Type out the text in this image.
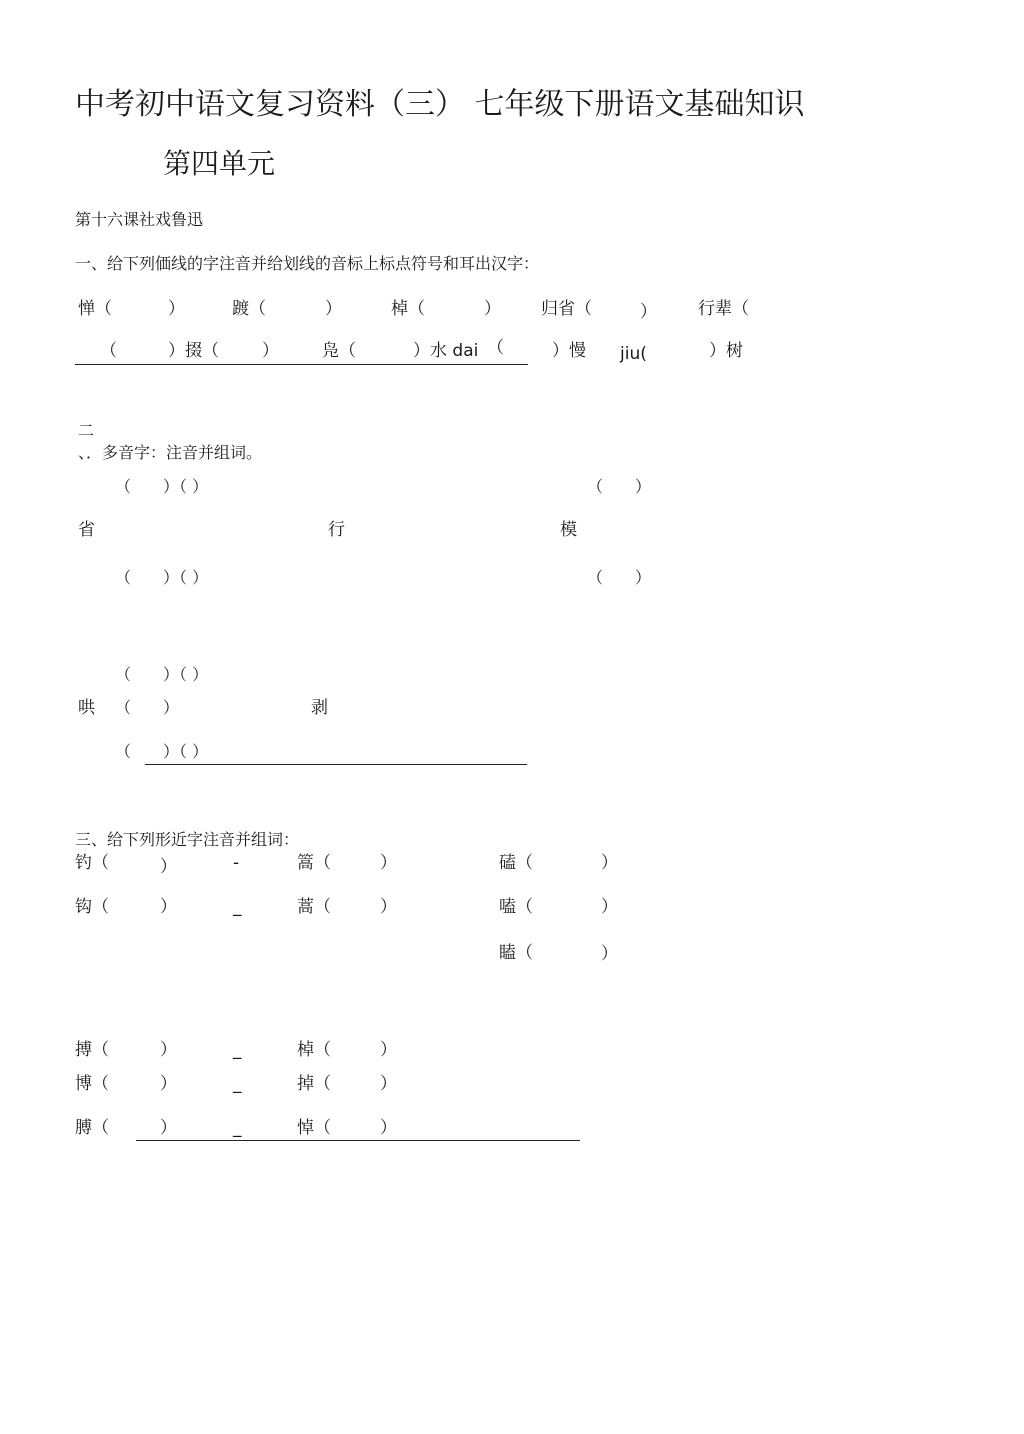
中考初中语文复习资料（三） 七年级下册语文基础知识
第四单元
第十六课社戏鲁迅
一、给下列価线的字注音并给划线的音标上标点符号和耳出汉字：
惮（	）	踱（	）	棹（	） 归省（	） 行辈（
（	）掇（	）	凫（	）水 dai （	）慢 jiu(	）树
二
、．多音字：注音并组词。
（　　）（ ）	（　　）
省	行	模
（　　）（ ）	（　　）
（　　）（ ）
哄 （　　）	剥
（　　）（ ）
三、给下列形近字注音并组词：
钓（	）	-	篙（	）	磕（	）
钩（	）	_	蒿（	）	嗑（	）
瞌（	）
搏（	）	_	棹（	）
博（	）	_	掉（	）
膊（	）	_	悼（	）
